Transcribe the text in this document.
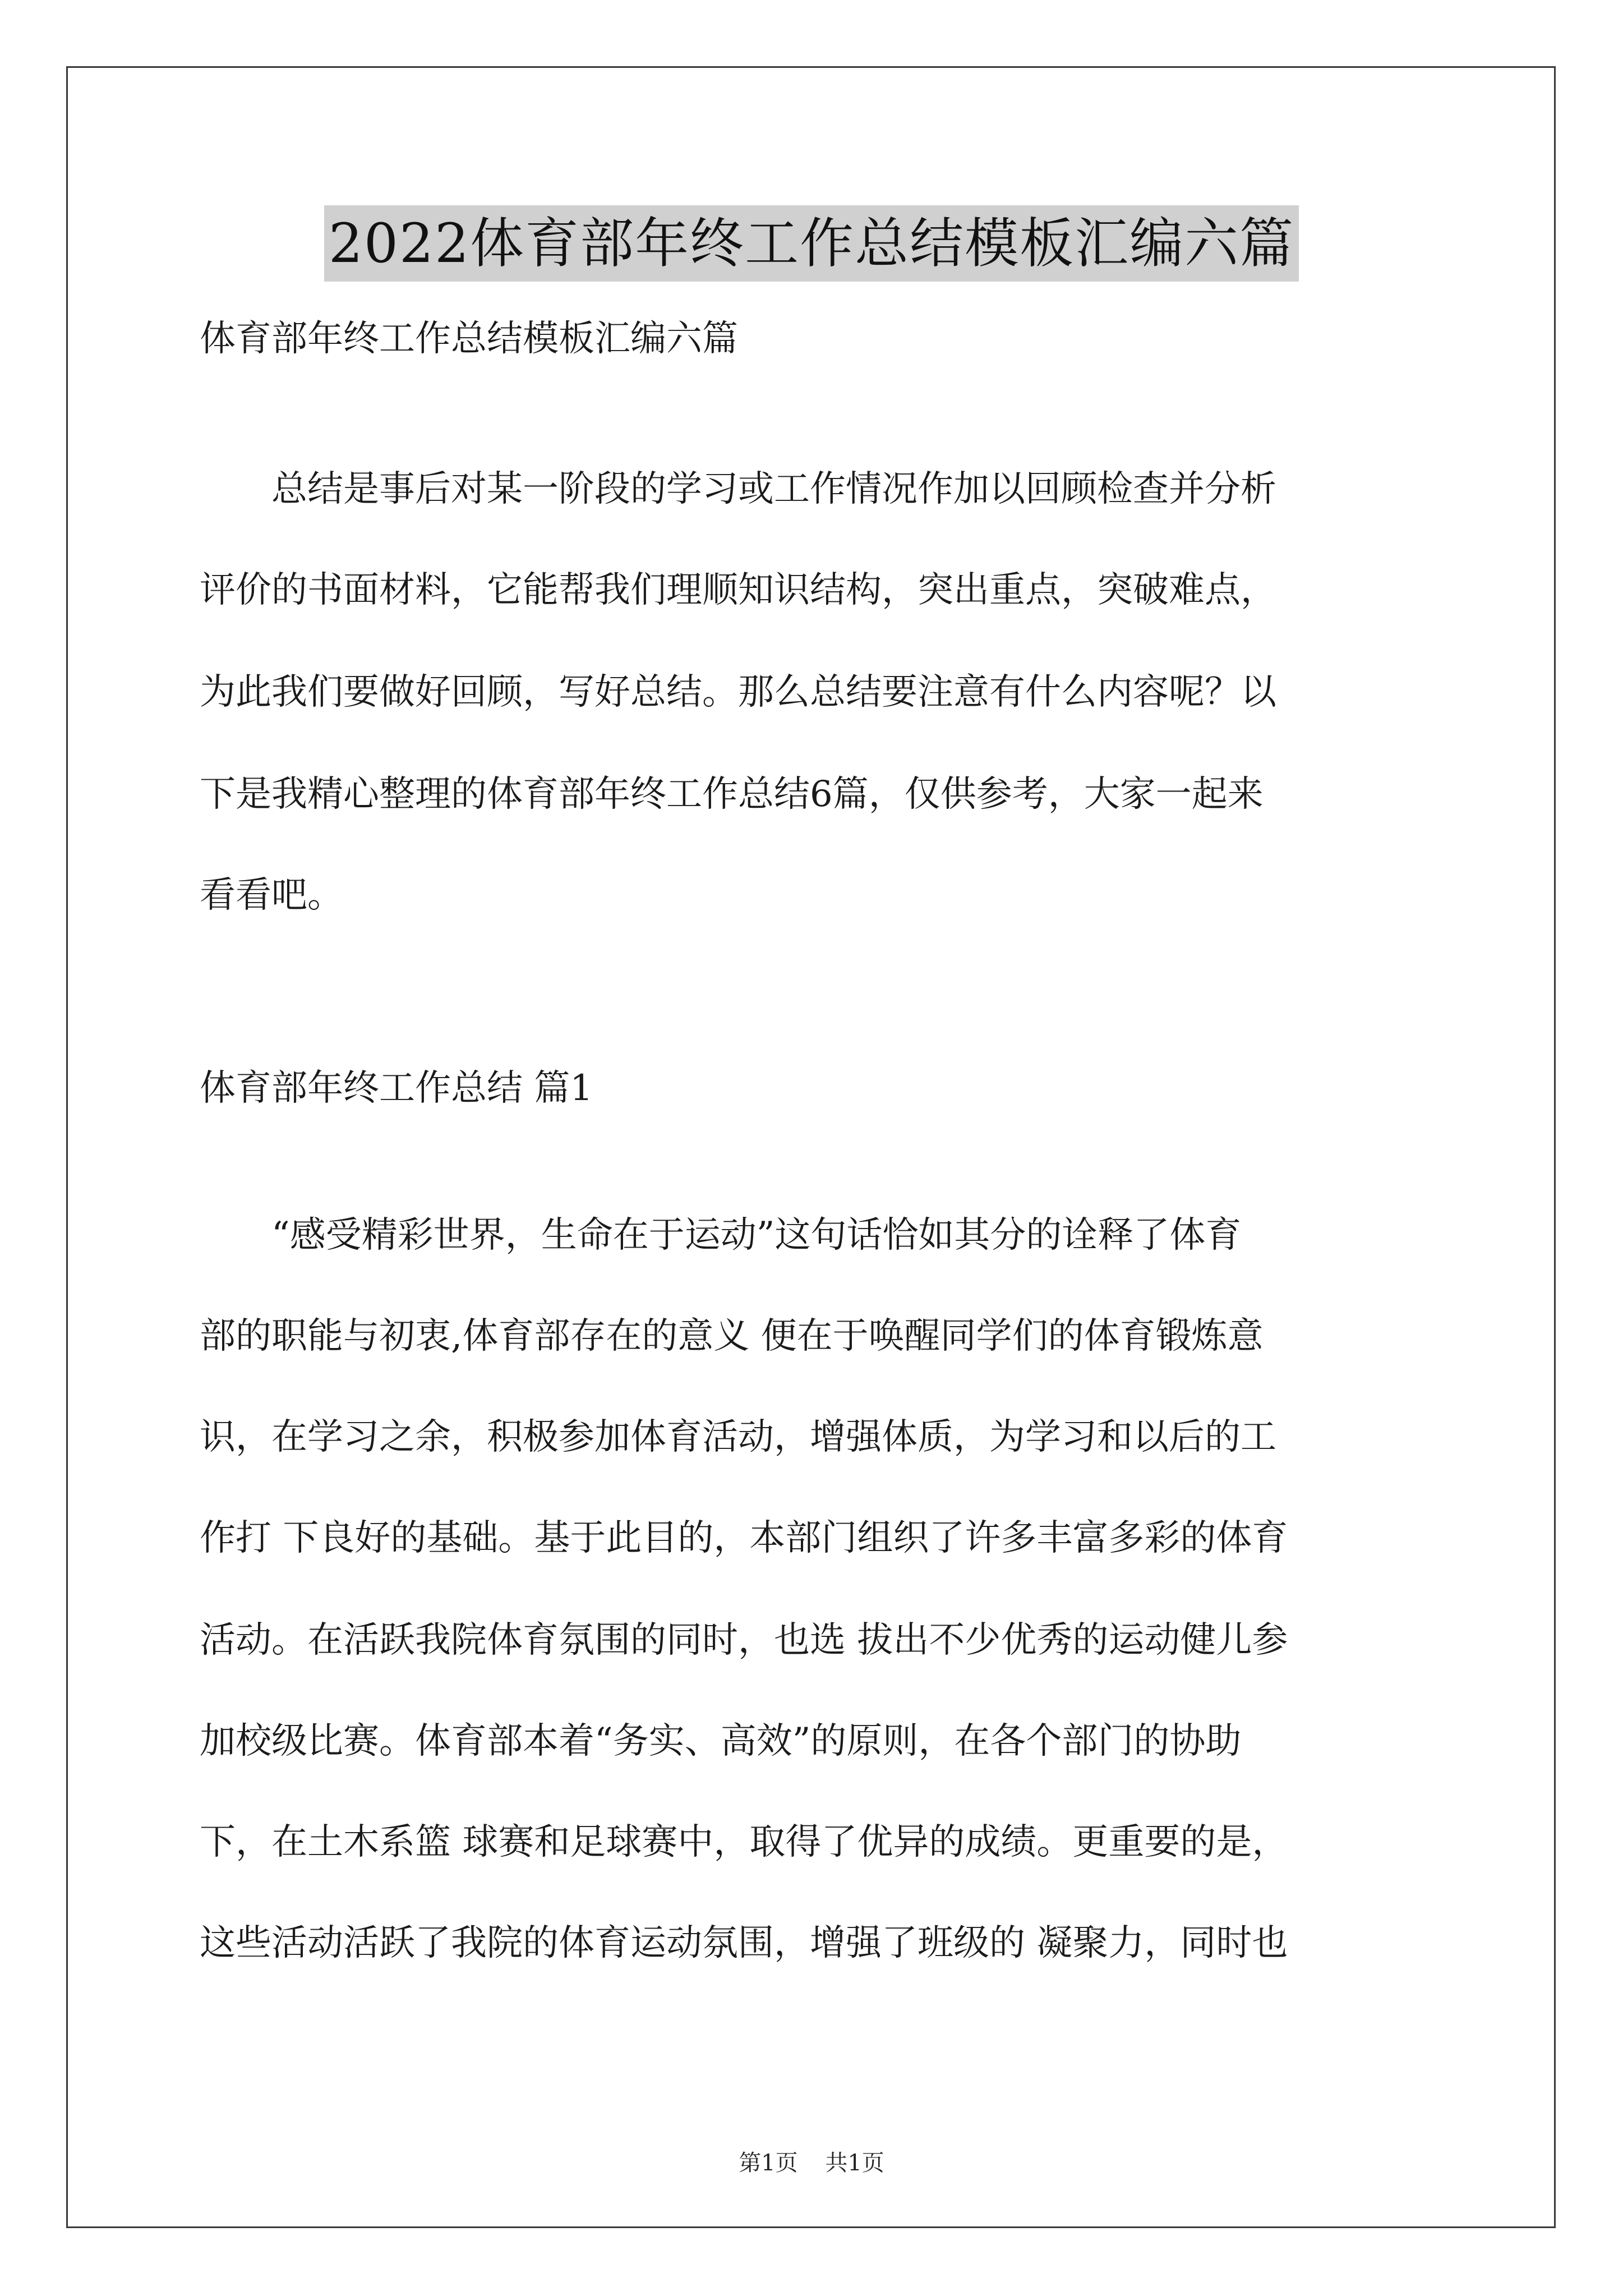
2022体育部年终工作总结模板汇编六篇
体育部年终工作总结模板汇编六篇
总结是事后对某一阶段的学习或工作情况作加以回顾检查并分析
评价的书面材料，它能帮我们理顺知识结构，突出重点，突破难点，
为此我们要做好回顾，写好总结。那么总结要注意有什么内容呢？以
下是我精心整理的体育部年终工作总结6篇，仅供参考，大家一起来
看看吧。
体育部年终工作总结 篇1
“感受精彩世界，生命在于运动”这句话恰如其分的诠释了体育
部的职能与初衷,体育部存在的意义 便在于唤醒同学们的体育锻炼意
识，在学习之余，积极参加体育活动，增强体质，为学习和以后的工
作打 下良好的基础。基于此目的，本部门组织了许多丰富多彩的体育
活动。在活跃我院体育氛围的同时，也选 拔出不少优秀的运动健儿参
加校级比赛。体育部本着“务实、高效”的原则，在各个部门的协助
下，在土木系篮 球赛和足球赛中，取得了优异的成绩。更重要的是，
这些活动活跃了我院的体育运动氛围，增强了班级的 凝聚力，同时也
第1页 共1页
